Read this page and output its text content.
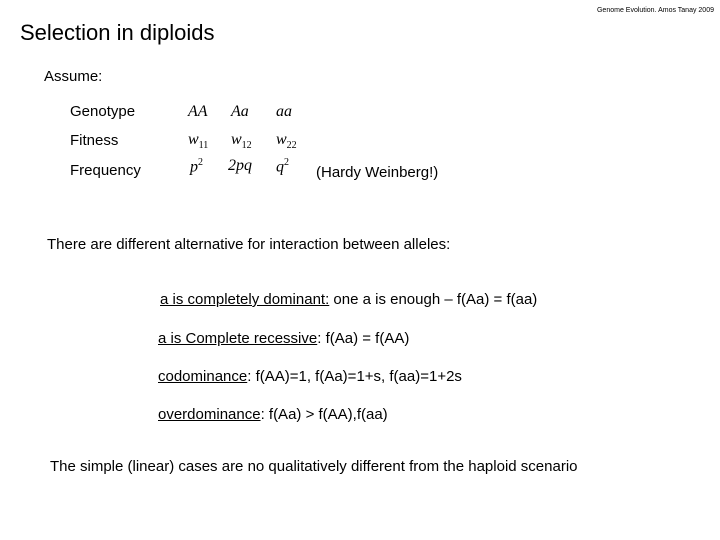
Genome Evolution. Amos Tanay 2009
Selection in diploids
Assume:
Genotype	AA Aa aa
Fitness	$w_{11}$ $w_{12}$ $w_{22}$
Frequency	$p^2$ 2pq $q^2$
(Hardy Weinberg!)
There are different alternative for interaction between alleles:
a is completely dominant: one a is enough – f(Aa) = f(aa)
a is Complete recessive: f(Aa) = f(AA)
codominance: f(AA)=1, f(Aa)=1+s, f(aa)=1+2s
overdominance: f(Aa) > f(AA),f(aa)
The simple (linear) cases are no qualitatively different from the haploid scenario
